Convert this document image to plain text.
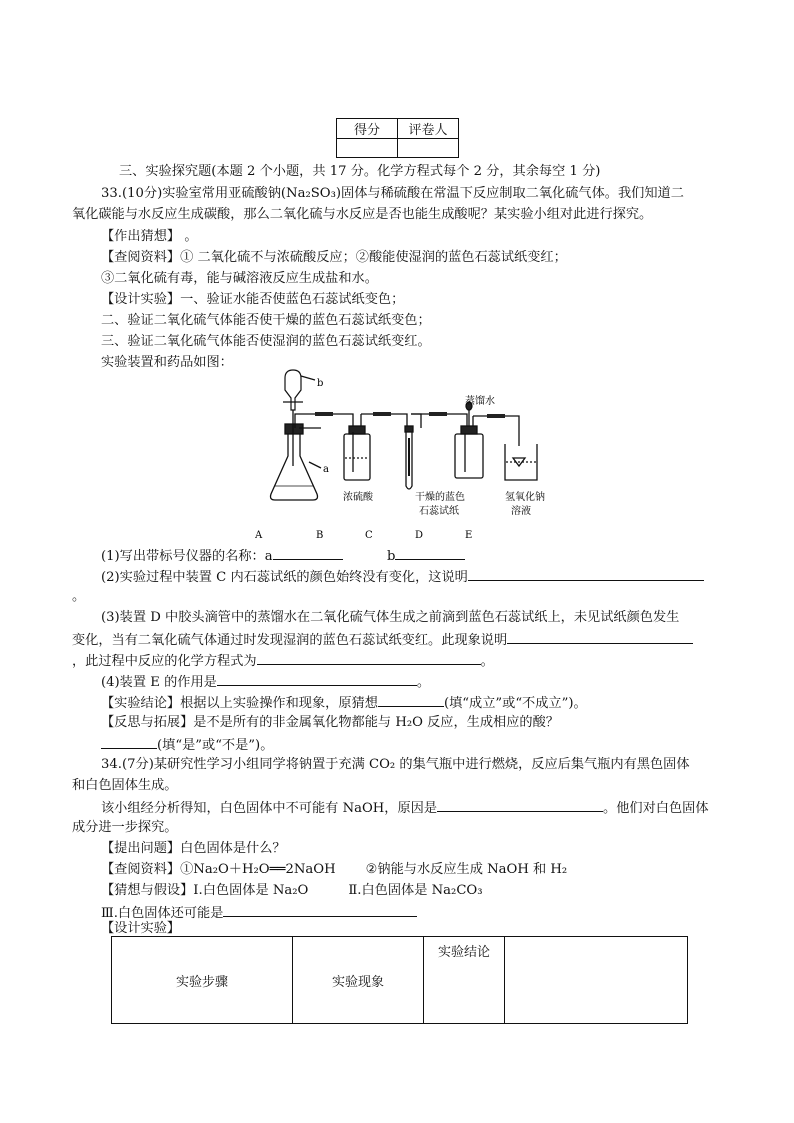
得分	评卷人

三、实验探究题(本题 2 个小题，共 17 分。化学方程式每个 2 分，其余每空 1 分)
33.(10分)实验室常用亚硫酸钠(Na₂SO₃)固体与稀硫酸在常温下反应制取二氧化硫气体。我们知道二
氧化碳能与水反应生成碳酸，那么二氧化硫与水反应是否也能生成酸呢？某实验小组对此进行探究。
【作出猜想】 。
【查阅资料】① 二氧化硫不与浓硫酸反应；②酸能使湿润的蓝色石蕊试纸变红；
③二氧化硫有毒，能与碱溶液反应生成盐和水。
【设计实验】一、验证水能否使蓝色石蕊试纸变色；
二、验证二氧化硫气体能否使干燥的蓝色石蕊试纸变色；
三、验证二氧化硫气体能否使湿润的蓝色石蕊试纸变红。
实验装置和药品如图：
b
a
浓硫酸
蒸馏水
干燥的蓝色
石蕊试纸
氢氧化钠
溶液
A	B	C	D	E
(1)写出带标号仪器的名称：a	b
(2)实验过程中装置 C 内石蕊试纸的颜色始终没有变化，这说明
。
(3)装置 D 中胶头滴管中的蒸馏水在二氧化硫气体生成之前滴到蓝色石蕊试纸上，未见试纸颜色发生
变化，当有二氧化硫气体通过时发现湿润的蓝色石蕊试纸变红。此现象说明
，此过程中反应的化学方程式为	。
(4)装置 E 的作用是	。
【实验结论】根据以上实验操作和现象，原猜想	(填“成立”或“不成立”)。
【反思与拓展】是不是所有的非金属氧化物都能与 H₂O 反应，生成相应的酸？
(填“是”或“不是”)。
34.(7分)某研究性学习小组同学将钠置于充满 CO₂ 的集气瓶中进行燃烧，反应后集气瓶内有黑色固体
和白色固体生成。
该小组经分析得知，白色固体中不可能有 NaOH，原因是	。他们对白色固体
成分进一步探究。
【提出问题】白色固体是什么？
【查阅资料】①Na₂O＋H₂O══2NaOH ②钠能与水反应生成 NaOH 和 H₂
【猜想与假设】Ⅰ.白色固体是 Na₂O	Ⅱ.白色固体是 Na₂CO₃
Ⅲ.白色固体还可能是
【设计实验】
实验步骤	实验现象	实验结论	
